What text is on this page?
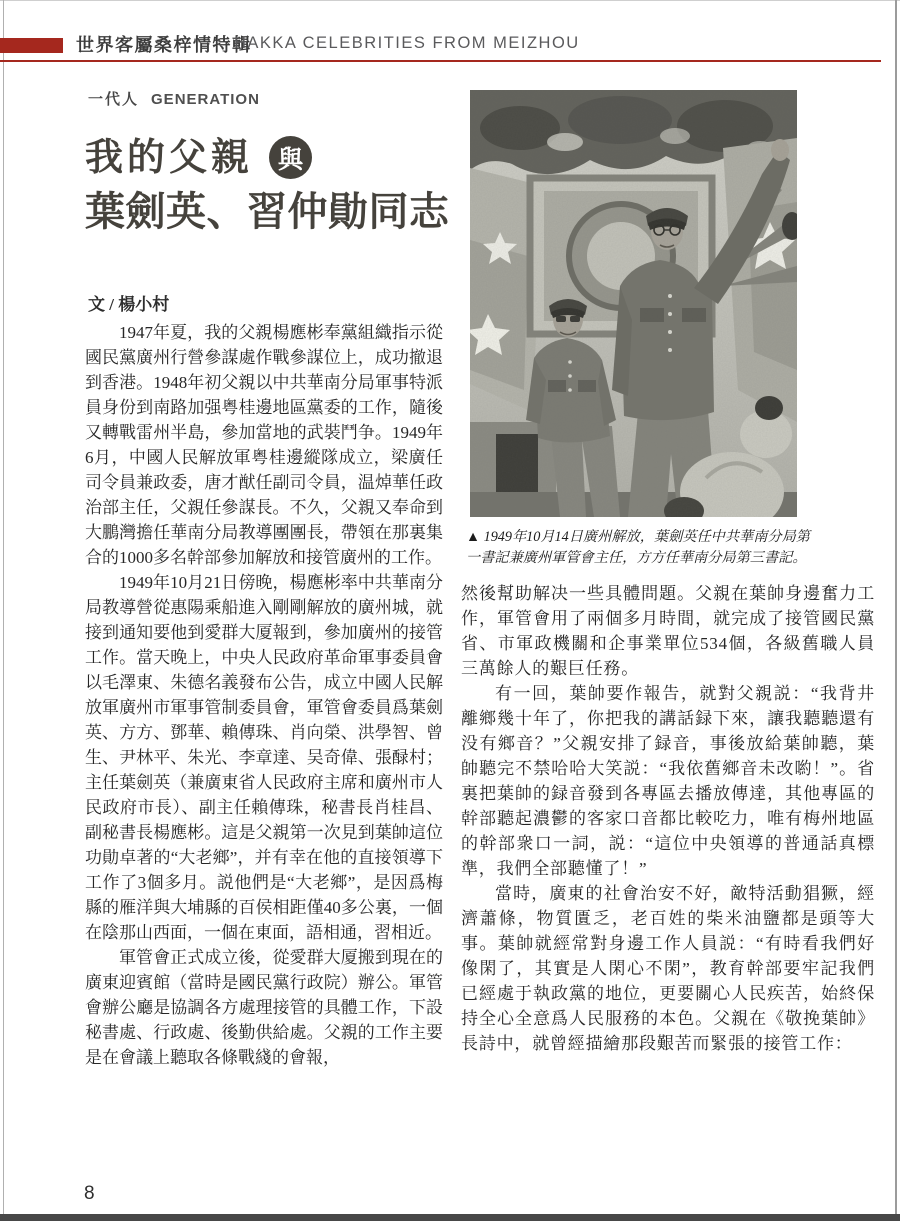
世界客屬桑梓情特輯
HAKKA CELEBRITIES FROM MEIZHOU
一代人 GENERATION
我的父親 與
葉劍英、習仲勛同志
文 / 楊小村

1947年夏，我的父親楊應彬奉黨組織指示從國民黨廣州行營參謀處作戰參謀位上，成功撤退到香港。1948年初父親以中共華南分局軍事特派員身份到南路加强粤桂邊地區黨委的工作，隨後又轉戰雷州半島，參加當地的武裝鬥争。1949年6月，中國人民解放軍粤桂邊縱隊成立，梁廣任司令員兼政委，唐才猷任副司令員，温焯華任政治部主任，父親任參謀長。不久，父親又奉命到大鵬灣擔任華南分局教導團團長，帶領在那裏集合的1000多名幹部參加解放和接管廣州的工作。

1949年10月21日傍晚，楊應彬率中共華南分局教導營從惠陽乘船進入剛剛解放的廣州城，就接到通知要他到愛群大厦報到，參加廣州的接管工作。當天晚上，中央人民政府革命軍事委員會以毛澤東、朱德名義發布公告，成立中國人民解放軍廣州市軍事管制委員會，軍管會委員爲葉劍英、方方、鄧華、賴傳珠、肖向榮、洪學智、曾生、尹林平、朱光、李章達、吴奇偉、張醁村；主任葉劍英（兼廣東省人民政府主席和廣州市人民政府市長）、副主任賴傳珠，秘書長肖桂昌、副秘書長楊應彬。這是父親第一次見到葉帥這位功勛卓著的“大老鄉”，并有幸在他的直接領導下工作了3個多月。説他們是“大老鄉”，是因爲梅縣的雁洋與大埔縣的百侯相距僅40多公裏，一個在陰那山西面，一個在東面，語相通，習相近。

軍管會正式成立後，從愛群大厦搬到現在的廣東迎賓館（當時是國民黨行政院）辦公。軍管會辦公廳是協調各方處理接管的具體工作，下設秘書處、行政處、後勤供給處。父親的工作主要是在會議上聽取各條戰綫的會報，

▲ 1949年10月14日廣州解放，葉劍英任中共華南分局第一書記兼廣州軍管會主任，方方任華南分局第三書記。

然後幫助解决一些具體問題。父親在葉帥身邊奮力工作，軍管會用了兩個多月時間，就完成了接管國民黨省、市軍政機關和企事業單位534個，各級舊職人員三萬餘人的艱巨任務。

有一回，葉帥要作報告，就對父親説：“我背井離鄉幾十年了，你把我的講話録下來，讓我聽聽還有没有鄉音？”父親安排了録音，事後放給葉帥聽，葉帥聽完不禁哈哈大笑説：“我依舊鄉音未改喲！”。省裏把葉帥的録音發到各專區去播放傳達，其他專區的幹部聽起濃鬱的客家口音都比較吃力，唯有梅州地區的幹部衆口一詞，説：“這位中央領導的普通話真標準，我們全部聽懂了！”

當時，廣東的社會治安不好，敵特活動猖獗，經濟蕭條，物質匱乏，老百姓的柴米油鹽都是頭等大事。葉帥就經常對身邊工作人員説：“有時看我們好像閑了，其實是人閑心不閑”，教育幹部要牢記我們已經處于執政黨的地位，更要關心人民疾苦，始終保持全心全意爲人民服務的本色。父親在《敬挽葉帥》長詩中，就曾經描繪那段艱苦而緊張的接管工作：

8
